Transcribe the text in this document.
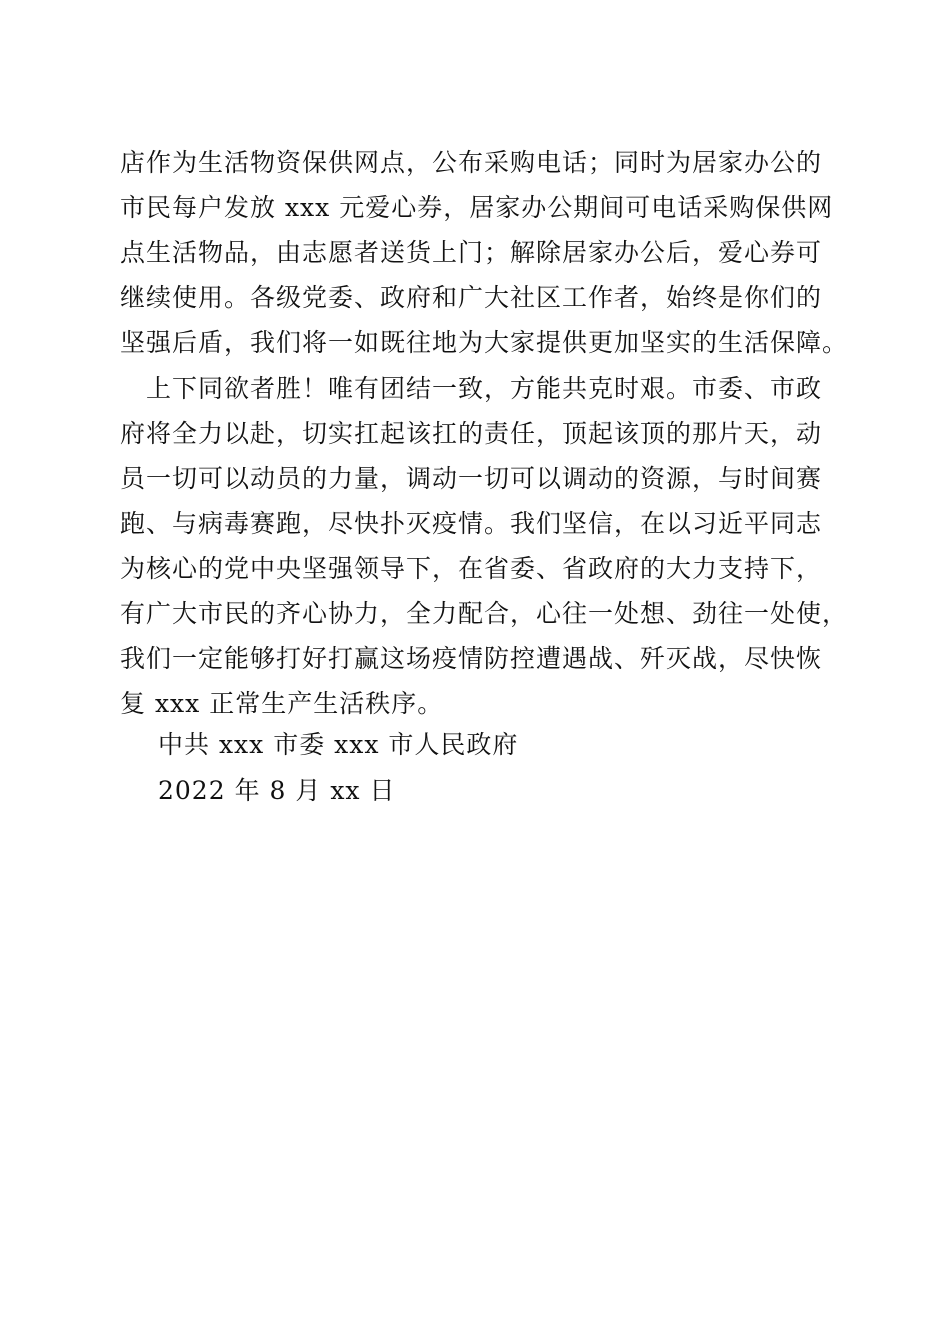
店作为生活物资保供网点，公布采购电话；同时为居家办公的
市民每户发放 xxx 元爱心券，居家办公期间可电话采购保供网
点生活物品，由志愿者送货上门；解除居家办公后，爱心券可
继续使用。各级党委、政府和广大社区工作者，始终是你们的
坚强后盾，我们将一如既往地为大家提供更加坚实的生活保障。
　上下同欲者胜！唯有团结一致，方能共克时艰。市委、市政
府将全力以赴，切实扛起该扛的责任，顶起该顶的那片天，动
员一切可以动员的力量，调动一切可以调动的资源，与时间赛
跑、与病毒赛跑，尽快扑灭疫情。我们坚信，在以习近平同志
为核心的党中央坚强领导下，在省委、省政府的大力支持下，
有广大市民的齐心协力，全力配合，心往一处想、劲往一处使，
我们一定能够打好打赢这场疫情防控遭遇战、歼灭战，尽快恢
复 xxx 正常生产生活秩序。
中共 xxx 市委 xxx 市人民政府
2022 年 8 月 xx 日
